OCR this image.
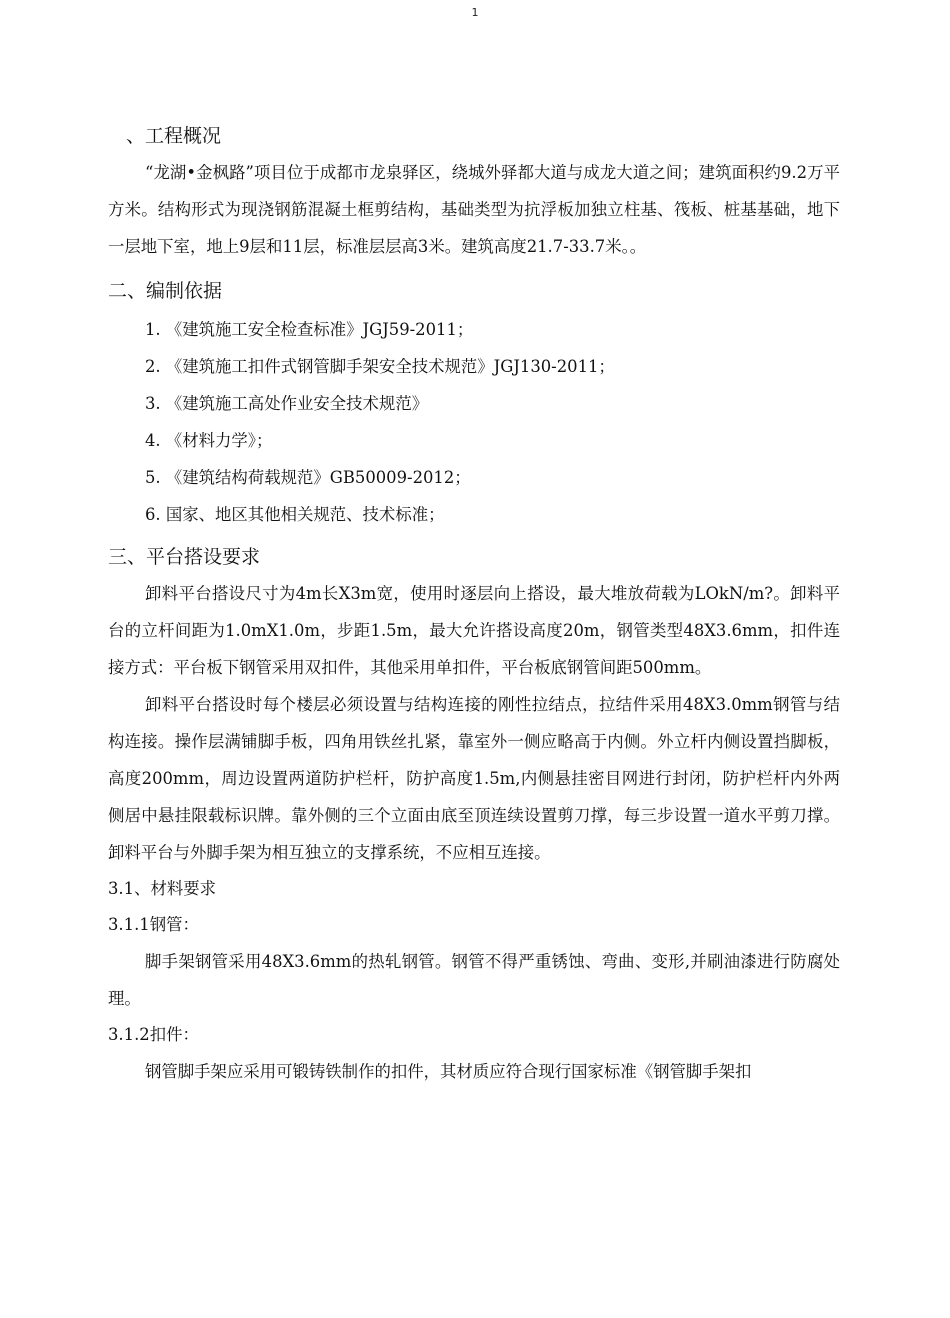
1
、工程概况

“龙湖•金枫路”项目位于成都市龙泉驿区，绕城外驿都大道与成龙大道之间；建筑面积约9.2万平方米。结构形式为现浇钢筋混凝土框剪结构，基础类型为抗浮板加独立柱基、筏板、桩基基础，地下一层地下室，地上9层和11层，标准层层高3米。建筑高度21.7-33.7米。。

二、编制依据

1. 《建筑施工安全检查标准》JGJ59-2011；

2. 《建筑施工扣件式钢管脚手架安全技术规范》JGJ130-2011；

3. 《建筑施工高处作业安全技术规范》

4. 《材料力学》；

5. 《建筑结构荷载规范》GB50009-2012；

6. 国家、地区其他相关规范、技术标准；

三、平台搭设要求

卸料平台搭设尺寸为4m长X3m宽，使用时逐层向上搭设，最大堆放荷载为LOkN/m?。卸料平台的立杆间距为1.0mX1.0m，步距1.5m，最大允许搭设高度20m，钢管类型48X3.6mm，扣件连接方式：平台板下钢管采用双扣件，其他采用单扣件，平台板底钢管间距500mm。

卸料平台搭设时每个楼层必须设置与结构连接的刚性拉结点，拉结件采用48X3.0mm钢管与结构连接。操作层满铺脚手板，四角用铁丝扎紧，靠室外一侧应略高于内侧。外立杆内侧设置挡脚板，高度200mm，周边设置两道防护栏杆，防护高度1.5m,内侧悬挂密目网进行封闭，防护栏杆内外两侧居中悬挂限载标识牌。靠外侧的三个立面由底至顶连续设置剪刀撑，每三步设置一道水平剪刀撑。卸料平台与外脚手架为相互独立的支撑系统，不应相互连接。

3.1、材料要求

3.1.1钢管：

脚手架钢管采用48X3.6mm的热轧钢管。钢管不得严重锈蚀、弯曲、变形,并刷油漆进行防腐处理。

3.1.2扣件：

钢管脚手架应采用可锻铸铁制作的扣件，其材质应符合现行国家标准《钢管脚手架扣
